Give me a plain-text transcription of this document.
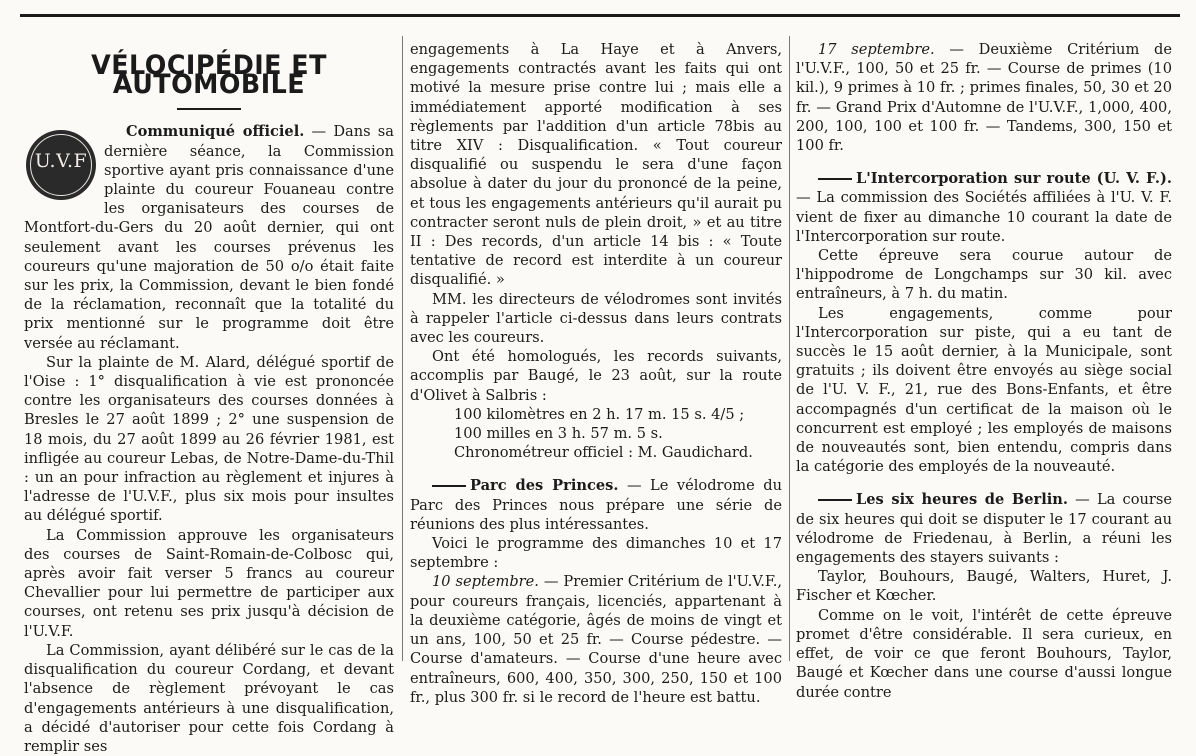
VÉLOCIPÉDIE ET AUTOMOBILE
U.V.F

Communiqué officiel. — Dans sa dernière séance, la Commission sportive ayant pris connaissance d'une plainte du coureur Fouaneau contre les organisateurs des courses de Montfort-du-Gers du 20 août dernier, qui ont seulement avant les courses prévenus les coureurs qu'une majoration de 50 o/o était faite sur les prix, la Commission, devant le bien fondé de la réclamation, reconnaît que la totalité du prix mentionné sur le programme doit être versée au réclamant.

Sur la plainte de M. Alard, délégué sportif de l'Oise : 1° disqualification à vie est prononcée contre les organisateurs des courses données à Bresles le 27 août 1899 ; 2° une suspension de 18 mois, du 27 août 1899 au 26 février 1981, est infligée au coureur Lebas, de Notre-Dame-du-Thil : un an pour infraction au règlement et injures à l'adresse de l'U.V.F., plus six mois pour insultes au délégué sportif.

La Commission approuve les organisateurs des courses de Saint-Romain-de-Colbosc qui, après avoir fait verser 5 francs au coureur Chevallier pour lui permettre de participer aux courses, ont retenu ses prix jusqu'à décision de l'U.V.F.

La Commission, ayant délibéré sur le cas de la disqualification du coureur Cordang, et devant l'absence de règlement prévoyant le cas d'engagements antérieurs à une disqualification, a décidé d'autoriser pour cette fois Cordang à remplir ses

engagements à La Haye et à Anvers, engagements contractés avant les faits qui ont motivé la mesure prise contre lui ; mais elle a immédiatement apporté modification à ses règlements par l'addition d'un article 78bis au titre XIV : Disqualification. « Tout coureur disqualifié ou suspendu le sera d'une façon absolue à dater du jour du prononcé de la peine, et tous les engagements antérieurs qu'il aurait pu contracter seront nuls de plein droit, » et au titre II : Des records, d'un article 14 bis : « Toute tentative de record est interdite à un coureur disqualifié. »

MM. les directeurs de vélodromes sont invités à rappeler l'article ci-dessus dans leurs contrats avec les coureurs.

Ont été homologués, les records suivants, accomplis par Baugé, le 23 août, sur la route d'Olivet à Salbris :

100 kilomètres en 2 h. 17 m. 15 s. 4/5 ;

100 milles en 3 h. 57 m. 5 s.

Chronométreur officiel : M. Gaudichard.

Parc des Princes. — Le vélodrome du Parc des Princes nous prépare une série de réunions des plus intéressantes.

Voici le programme des dimanches 10 et 17 septembre :

10 septembre. — Premier Critérium de l'U.V.F., pour coureurs français, licenciés, appartenant à la deuxième catégorie, âgés de moins de vingt et un ans, 100, 50 et 25 fr. — Course pédestre. — Course d'amateurs. — Course d'une heure avec entraîneurs, 600, 400, 350, 300, 250, 150 et 100 fr., plus 300 fr. si le record de l'heure est battu.

17 septembre. — Deuxième Critérium de l'U.V.F., 100, 50 et 25 fr. — Course de primes (10 kil.), 9 primes à 10 fr. ; primes finales, 50, 30 et 20 fr. — Grand Prix d'Automne de l'U.V.F., 1,000, 400, 200, 100, 100 et 100 fr. — Tandems, 300, 150 et 100 fr.

L'Intercorporation sur route (U. V. F.). — La commission des Sociétés affiliées à l'U. V. F. vient de fixer au dimanche 10 courant la date de l'Intercorporation sur route.

Cette épreuve sera courue autour de l'hippodrome de Longchamps sur 30 kil. avec entraîneurs, à 7 h. du matin.

Les engagements, comme pour l'Intercorporation sur piste, qui a eu tant de succès le 15 août dernier, à la Municipale, sont gratuits ; ils doivent être envoyés au siège social de l'U. V. F., 21, rue des Bons-Enfants, et être accompagnés d'un certificat de la maison où le concurrent est employé ; les employés de maisons de nouveautés sont, bien entendu, compris dans la catégorie des employés de la nouveauté.

Les six heures de Berlin. — La course de six heures qui doit se disputer le 17 courant au vélodrome de Friedenau, à Berlin, a réuni les engagements des stayers suivants :

Taylor, Bouhours, Baugé, Walters, Huret, J. Fischer et Kœcher.

Comme on le voit, l'intérêt de cette épreuve promet d'être considérable. Il sera curieux, en effet, de voir ce que feront Bouhours, Taylor, Baugé et Kœcher dans une course d'aussi longue durée contre
